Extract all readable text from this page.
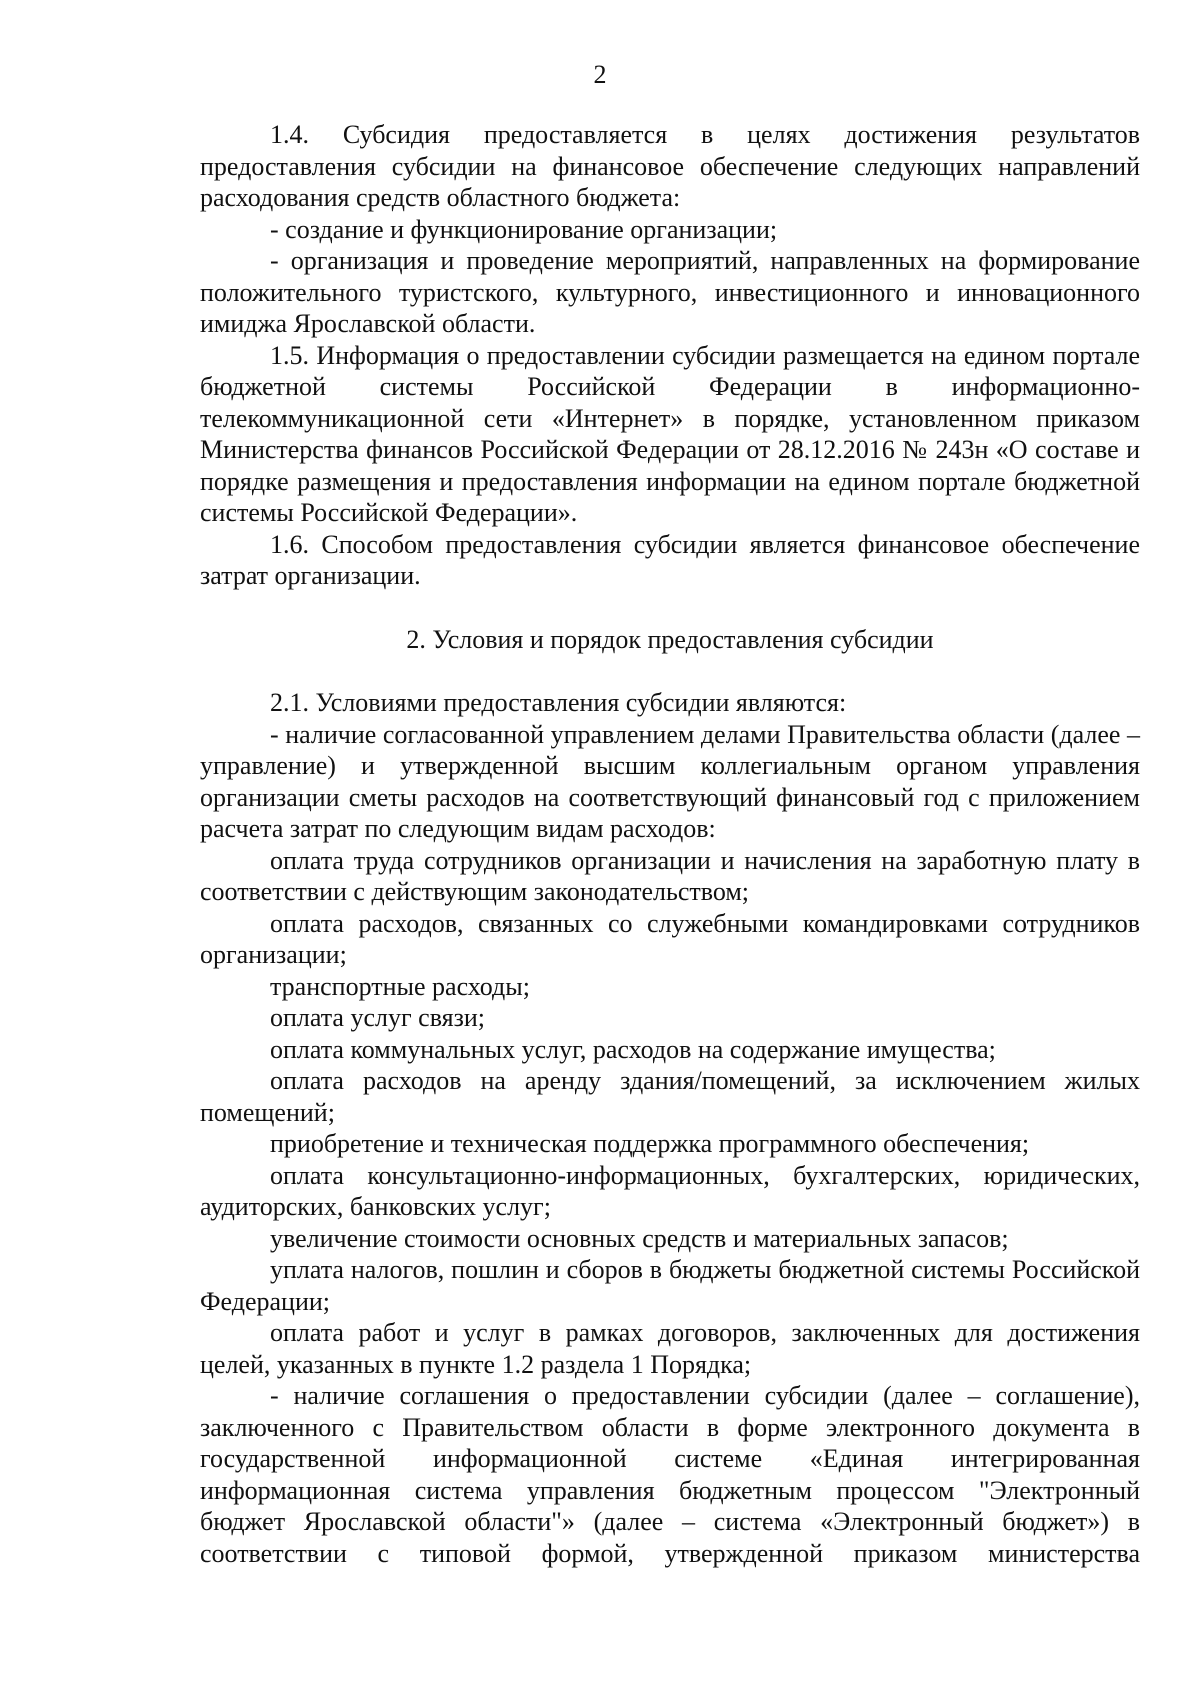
2

1.4. Субсидия предоставляется в целях достижения результатов предоставления субсидии на финансовое обеспечение следующих направлений расходования средств областного бюджета:

- создание и функционирование организации;

- организация и проведение мероприятий, направленных на формирование положительного туристского, культурного, инвестиционного и инновационного имиджа Ярославской области.

1.5. Информация о предоставлении субсидии размещается на едином портале бюджетной системы Российской Федерации в информационно-телекоммуникационной сети «Интернет» в порядке, установленном приказом Министерства финансов Российской Федерации от 28.12.2016 № 243н «О составе и порядке размещения и предоставления информации на едином портале бюджетной системы Российской Федерации».

1.6. Способом предоставления субсидии является финансовое обеспечение затрат организации.

2. Условия и порядок предоставления субсидии

2.1. Условиями предоставления субсидии являются:

- наличие согласованной управлением делами Правительства области (далее – управление) и утвержденной высшим коллегиальным органом управления организации сметы расходов на соответствующий финансовый год с приложением расчета затрат по следующим видам расходов:

оплата труда сотрудников организации и начисления на заработную плату в соответствии с действующим законодательством;

оплата расходов, связанных со служебными командировками сотрудников организации;

транспортные расходы;

оплата услуг связи;

оплата коммунальных услуг, расходов на содержание имущества;

оплата расходов на аренду здания/помещений, за исключением жилых помещений;

приобретение и техническая поддержка программного обеспечения;

оплата консультационно-информационных, бухгалтерских, юридических, аудиторских, банковских услуг;

увеличение стоимости основных средств и материальных запасов;

уплата налогов, пошлин и сборов в бюджеты бюджетной системы Российской Федерации;

оплата работ и услуг в рамках договоров, заключенных для достижения целей, указанных в пункте 1.2 раздела 1 Порядка;

- наличие соглашения о предоставлении субсидии (далее – соглашение), заключенного с Правительством области в форме электронного документа в государственной информационной системе «Единая интегрированная информационная система управления бюджетным процессом "Электронный бюджет Ярославской области"» (далее – система «Электронный бюджет») в соответствии с типовой формой, утвержденной приказом министерства
